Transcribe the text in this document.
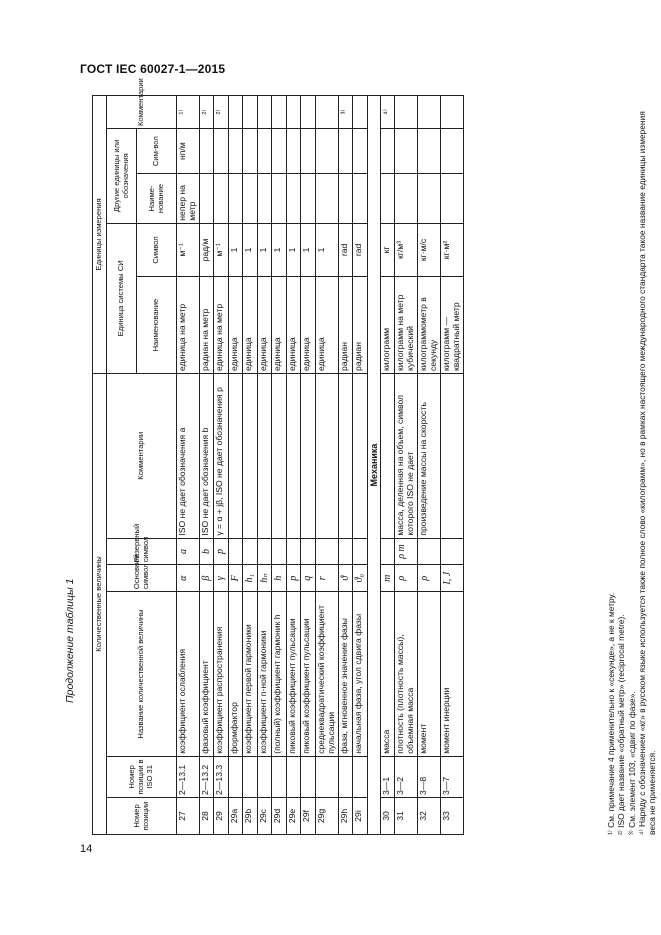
ГОСТ IEC 60027-1—2015
Продолжение таблицы 1 Количественные величины						Единицы измерения				
Номер позиции	Номер позиции в ISO 31	Название количественной величины	Основной символ	Резервный символ	Комментарии	Единица системы СИ		Другие единицы или обозначения		Комментарии
						Наименование	Символ	Наиме-нование	Сим-вол	
27	2—13.1	коэффициент ослабления	α	a	ISO не дает обозначения a	единица на метр	м⁻¹	непер на метр	нп/м	¹⁾
28	2—13.2	фазовый коэффициент	β	b	ISO не дает обозначения b	радиан на метр	рад/м			²⁾
29	2—13.3	коэффициент распространения	γ	p	γ = α + jβ, ISO не дает обозначения p	единица на метр	м⁻¹			²⁾
29a		формфактор	F			единица	1			
29b		коэффициент первой гармоники	h₁			единица	1			
29c		коэффициент n-ной гармоники	hₙ			единица	1			
29d		(полный) коэффициент гармоник h	h			единица	1			
29e		пиковый коэффициент пульсации	p			единица	1			
29f		пиковый коэффициент пульсации	q			единица	1			
29g		среднеквадратический коэффициент пульсации	r			единица	1			
29h		фаза, мгновенное значение фазы	ϑ			радиан	rad			³⁾
29i		начальная фаза, угол сдвига фазы	ϑ₀			радиан	rad			
Механика										
30	3—1	масса	m			килограмм	кг			⁴⁾
31	3—2	плотность (плотность массы), объемная масса	ρ	ρ m	масса, деленная на объем, символ которого ISO не дает	килограмм на метр кубический	кг/м³			
32	3—8	момент	ρ		произведение массы на скорость	килограммометр в секунду	кг·м/с			
33	3—7	момент инерции	I, J			килограмм — квадратный метр	кг·м²			
¹⁾ См. примечание 4 применительно к «секунде», а не к метру. ²⁾ ISO дает название «обратный метр» (reciprocal metre). ³⁾ См. элемент 103, «сдвиг по фазе». ⁴⁾ Наряду с обозначением «кг» в русском языке используется также полное слово «килограмм», но в рамках настоящего международного стандарта такое название единицы измерения веса не применяется.
14
